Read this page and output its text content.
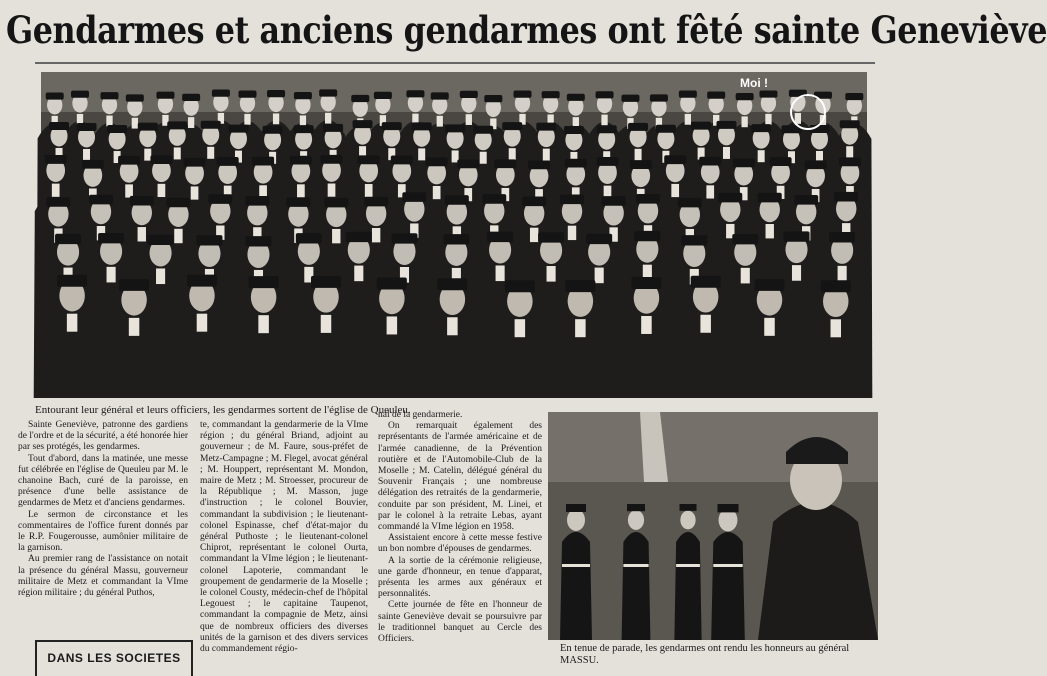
Gendarmes et anciens gendarmes ont fêté sainte Geneviève
Moi !
Entourant leur général et leurs officiers, les gendarmes sortent de l'église de Queuleu.

Sainte Geneviève, patronne des gardiens de l'ordre et de la sécurité, a été honorée hier par ses protégés, les gendarmes.

Tout d'abord, dans la matinée, une messe fut célébrée en l'église de Queuleu par M. le chanoine Bach, curé de la paroisse, en présence d'une belle assistance de gendarmes de Metz et d'anciens gendarmes.

Le sermon de circonstance et les commentaires de l'office furent donnés par le R.P. Fougerousse, aumônier militaire de la garnison.

Au premier rang de l'assistance on notait la présence du général Massu, gouverneur militaire de Metz et commandant la VIme région militaire ; du général Puthos,

te, commandant la gendarmerie de la VIme région ; du général Briand, adjoint au gouverneur ; de M. Faure, sous-préfet de Metz-Campagne ; M. Flegel, avocat général ; M. Houppert, représentant M. Mondon, maire de Metz ; M. Stroesser, procureur de la République ; M. Masson, juge d'instruction ; le colonel Bouvier, commandant la subdivision ; le lieutenant-colonel Espinasse, chef d'état-major du général Puthoste ; le lieutenant-colonel Chiprot, représentant le colonel Ourta, commandant la VIme légion ; le lieutenant-colonel Lapoterie, commandant le groupement de gendarmerie de la Moselle ; le colonel Cousty, médecin-chef de l'hôpital Legouest ; le capitaine Taupenot, commandant la compagnie de Metz, ainsi que de nombreux officiers des diverses unités de la garnison et des divers services du commandement régio-

nal de la gendarmerie.

On remarquait également des représentants de l'armée américaine et de l'armée canadienne, de la Prévention routière et de l'Automobile-Club de la Moselle ; M. Catelin, délégué général du Souvenir Français ; une nombreuse délégation des retraités de la gendarmerie, conduite par son président, M. Linei, et par le colonel à la retraite Lebas, ayant commandé la VIme légion en 1958.

Assistaient encore à cette messe festive un bon nombre d'épouses de gendarmes.

A la sortie de la cérémonie religieuse, une garde d'honneur, en tenue d'apparat, présenta les armes aux généraux et personnalités.

Cette journée de fête en l'honneur de sainte Geneviève devait se poursuivre par le traditionnel banquet au Cercle des Officiers.

DANS LES SOCIETES
En tenue de parade, les gendarmes ont rendu les honneurs au général MASSU.
